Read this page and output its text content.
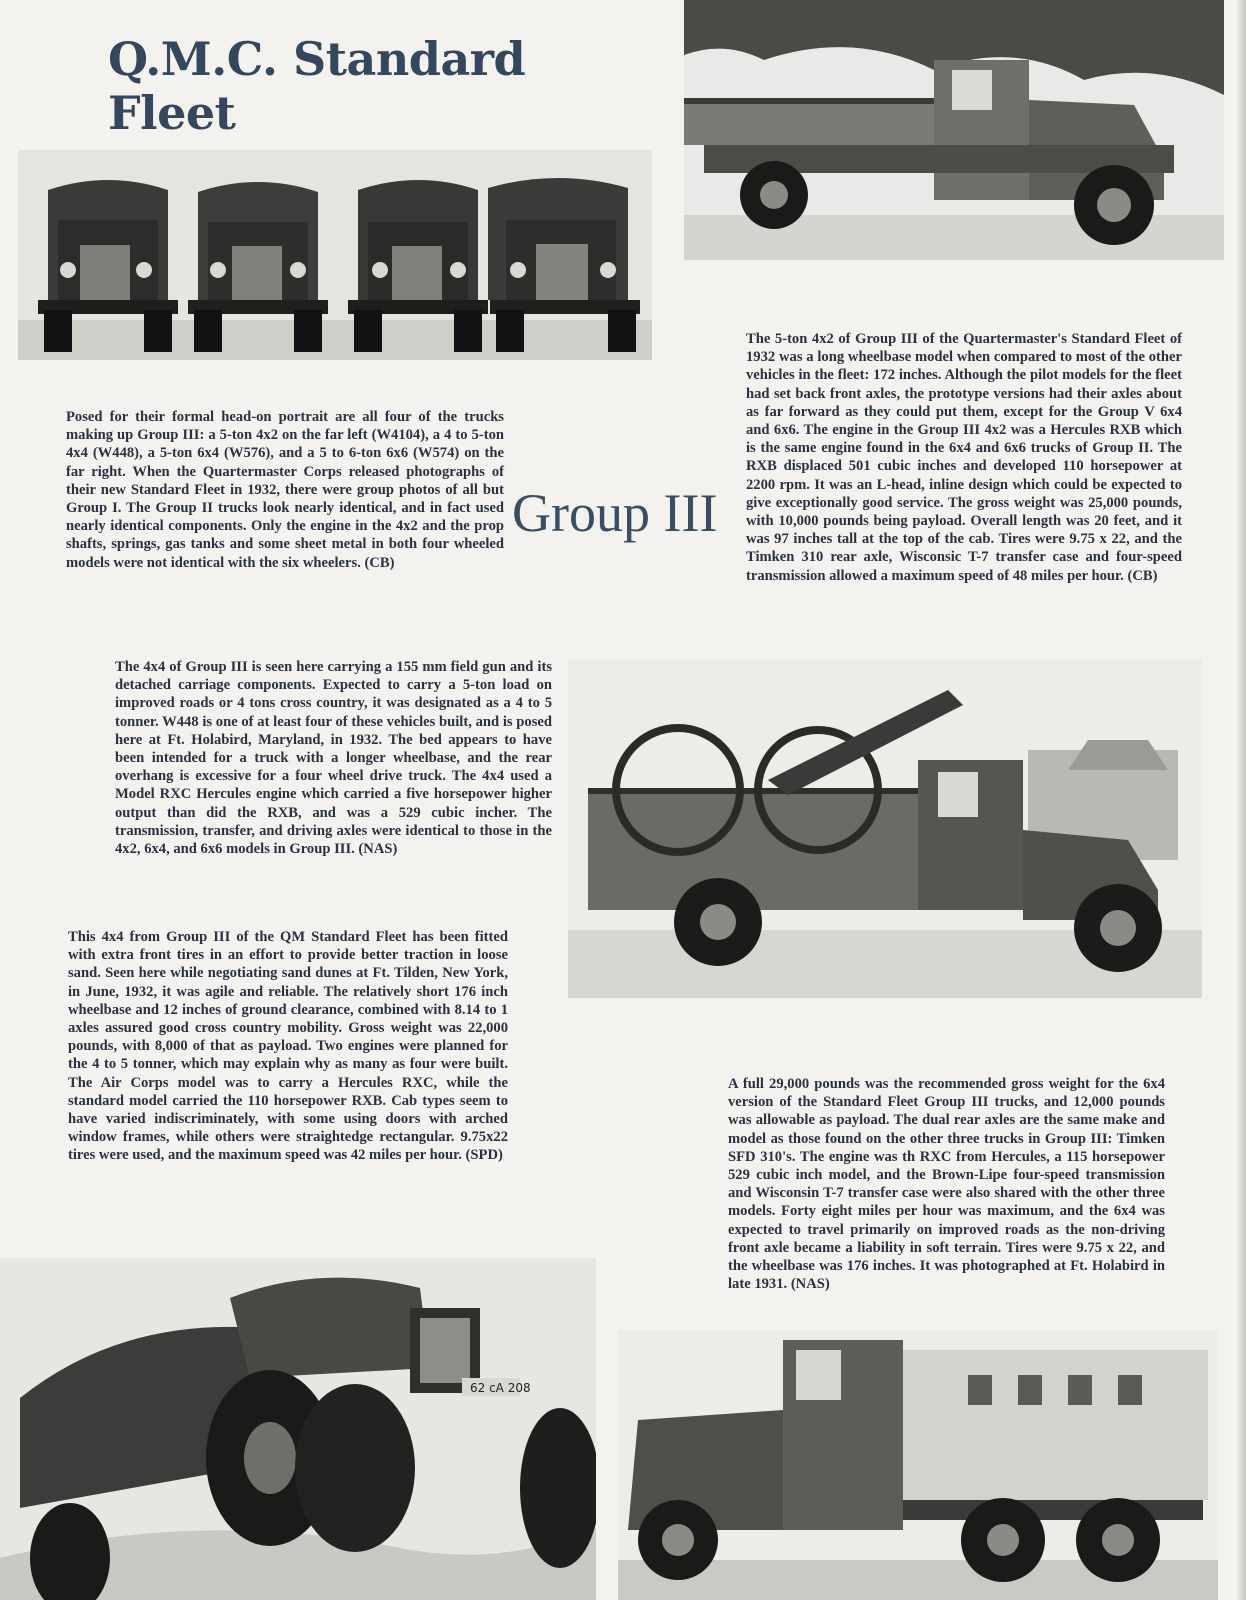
Q.M.C. Standard Fleet

Posed for their formal head-on portrait are all four of the trucks making up Group III: a 5-ton 4x2 on the far left (W4104), a 4 to 5-ton 4x4 (W448), a 5-ton 6x4 (W576), and a 5 to 6-ton 6x6 (W574) on the far right. When the Quartermaster Corps released photographs of their new Standard Fleet in 1932, there were group photos of all but Group I. The Group II trucks look nearly identical, and in fact used nearly identical components. Only the engine in the 4x2 and the prop shafts, springs, gas tanks and some sheet metal in both four wheeled models were not identical with the six wheelers. (CB)

Group III

The 5-ton 4x2 of Group III of the Quartermaster's Standard Fleet of 1932 was a long wheelbase model when compared to most of the other vehicles in the fleet: 172 inches. Although the pilot models for the fleet had set back front axles, the prototype versions had their axles about as far forward as they could put them, except for the Group V 6x4 and 6x6. The engine in the Group III 4x2 was a Hercules RXB which is the same engine found in the 6x4 and 6x6 trucks of Group II. The RXB displaced 501 cubic inches and developed 110 horsepower at 2200 rpm. It was an L-head, inline design which could be expected to give exceptionally good service. The gross weight was 25,000 pounds, with 10,000 pounds being payload. Overall length was 20 feet, and it was 97 inches tall at the top of the cab. Tires were 9.75 x 22, and the Timken 310 rear axle, Wisconsic T-7 transfer case and four-speed transmission allowed a maximum speed of 48 miles per hour. (CB)

The 4x4 of Group III is seen here carrying a 155 mm field gun and its detached carriage components. Expected to carry a 5-ton load on improved roads or 4 tons cross country, it was designated as a 4 to 5 tonner. W448 is one of at least four of these vehicles built, and is posed here at Ft. Holabird, Maryland, in 1932. The bed appears to have been intended for a truck with a longer wheelbase, and the rear overhang is excessive for a four wheel drive truck. The 4x4 used a Model RXC Hercules engine which carried a five horsepower higher output than did the RXB, and was a 529 cubic incher. The transmission, transfer, and driving axles were identical to those in the 4x2, 6x4, and 6x6 models in Group III. (NAS)

This 4x4 from Group III of the QM Standard Fleet has been fitted with extra front tires in an effort to provide better traction in loose sand. Seen here while negotiating sand dunes at Ft. Tilden, New York, in June, 1932, it was agile and reliable. The relatively short 176 inch wheelbase and 12 inches of ground clearance, combined with 8.14 to 1 axles assured good cross country mobility. Gross weight was 22,000 pounds, with 8,000 of that as payload. Two engines were planned for the 4 to 5 tonner, which may explain why as many as four were built. The Air Corps model was to carry a Hercules RXC, while the standard model carried the 110 horsepower RXB. Cab types seem to have varied indiscriminately, with some using doors with arched window frames, while others were straightedge rectangular. 9.75x22 tires were used, and the maximum speed was 42 miles per hour. (SPD)

A full 29,000 pounds was the recommended gross weight for the 6x4 version of the Standard Fleet Group III trucks, and 12,000 pounds was allowable as payload. The dual rear axles are the same make and model as those found on the other three trucks in Group III: Timken SFD 310's. The engine was th RXC from Hercules, a 115 horsepower 529 cubic inch model, and the Brown-Lipe four-speed transmission and Wisconsin T-7 transfer case were also shared with the other three models. Forty eight miles per hour was maximum, and the 6x4 was expected to travel primarily on improved roads as the non-driving front axle became a liability in soft terrain. Tires were 9.75 x 22, and the wheelbase was 176 inches. It was photographed at Ft. Holabird in late 1931. (NAS)

62 cA 208
